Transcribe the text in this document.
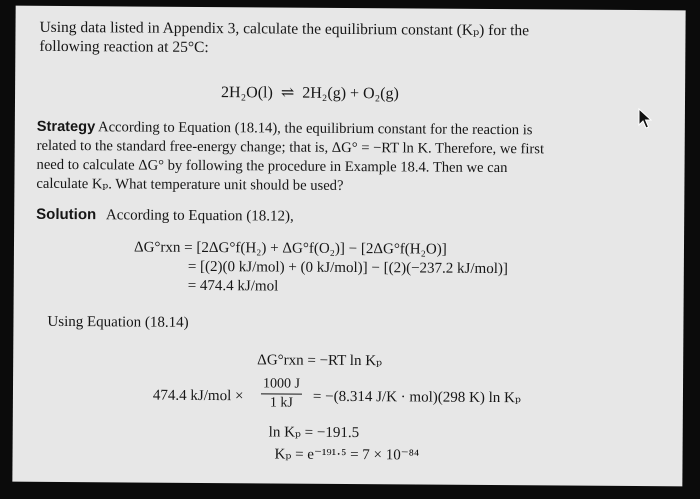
Using data listed in Appendix 3, calculate the equilibrium constant (Kₚ) for the
following reaction at 25°C:
2H₂O(l) ⇌ 2H₂(g) + O₂(g)
Strategy According to Equation (18.14), the equilibrium constant for the reaction is
related to the standard free-energy change; that is, ΔG° = −RT ln K. Therefore, we first
need to calculate ΔG° by following the procedure in Example 18.4. Then we can
calculate Kₚ. What temperature unit should be used?
Solution According to Equation (18.12),
ΔG°rxn = [2ΔG°f(H₂) + ΔG°f(O₂)] − [2ΔG°f(H₂O)]
= [(2)(0 kJ/mol) + (0 kJ/mol)] − [(2)(−237.2 kJ/mol)]
= 474.4 kJ/mol
Using Equation (18.14)
ΔG°rxn = −RT ln Kₚ
474.4 kJ/mol ×
1000 J
1 kJ	= −(8.314 J/K · mol)(298 K) ln Kₚ
ln Kₚ = −191.5
Kₚ = e⁻¹⁹¹·⁵ = 7 × 10⁻⁸⁴
